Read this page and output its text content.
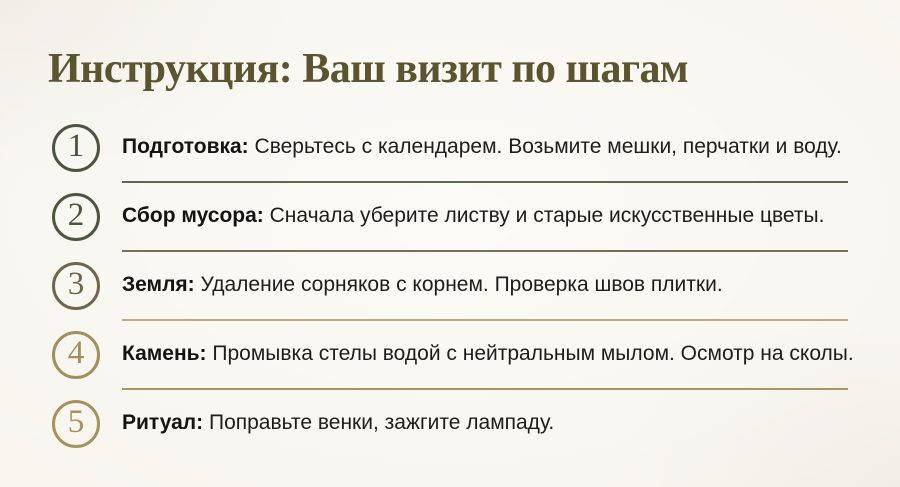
Инструкция: Ваш визит по шагам
1 Подготовка: Сверьтесь с календарем. Возьмите мешки, перчатки и воду.

2 Сбор мусора: Сначала уберите листву и старые искусственные цветы.

3 Земля: Удаление сорняков с корнем. Проверка швов плитки.

4 Камень: Промывка стелы водой с нейтральным мылом. Осмотр на сколы.

5 Ритуал: Поправьте венки, зажгите лампаду.
